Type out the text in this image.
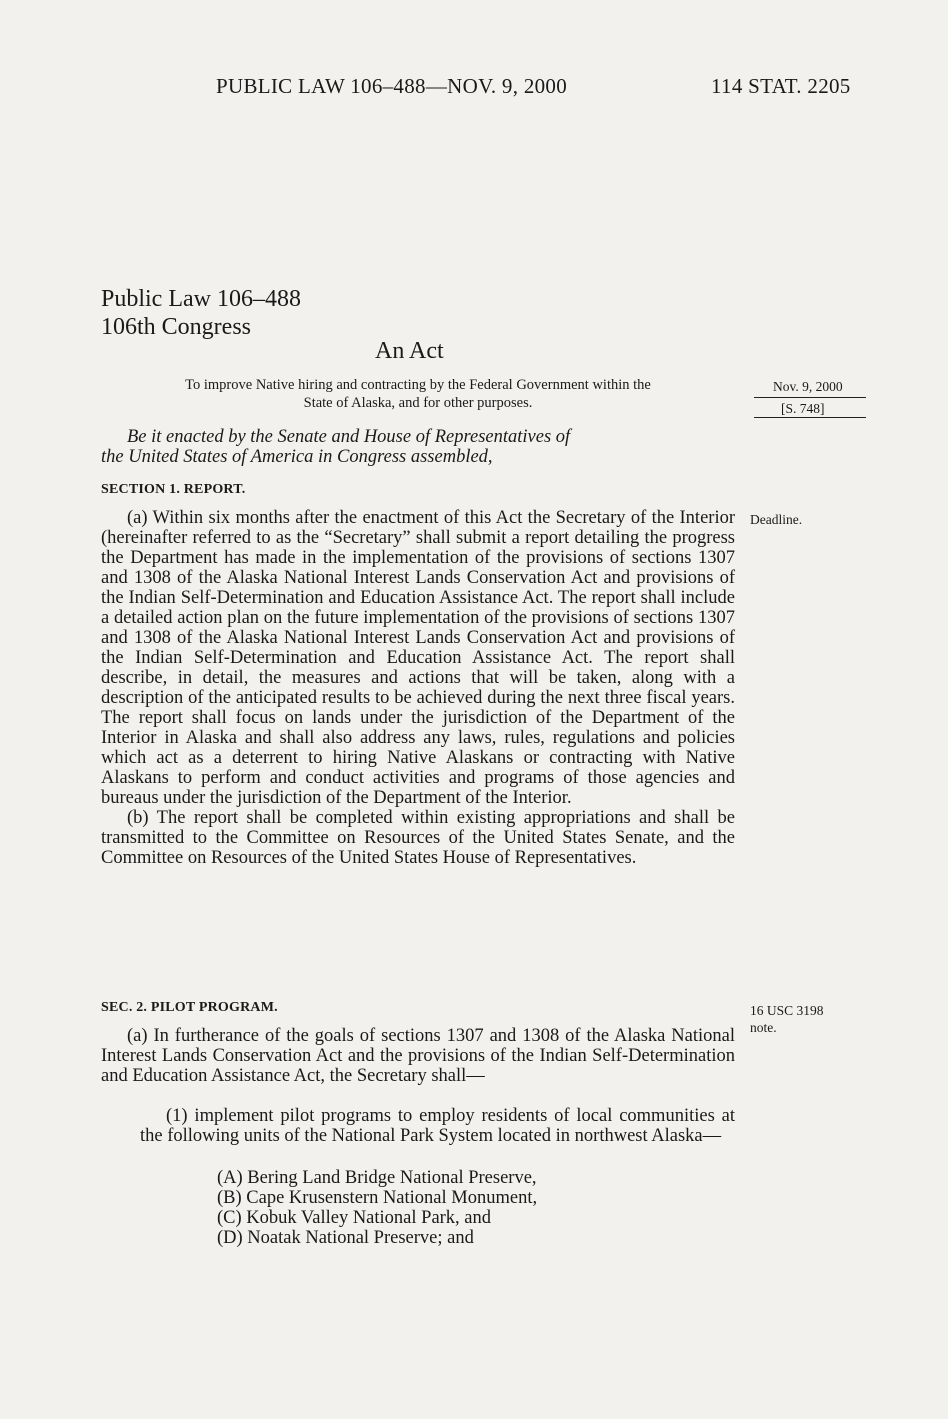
PUBLIC LAW 106–488—NOV. 9, 2000	114 STAT. 2205
Public Law 106–488
106th Congress
An Act
To improve Native hiring and contracting by the Federal Government within the
State of Alaska, and for other purposes.
Nov. 9, 2000
[S. 748]
Be it enacted by the Senate and House of Representatives of
the United States of America in Congress assembled,
SECTION 1. REPORT.
Deadline.

(a) Within six months after the enactment of this Act the Secretary of the Interior (hereinafter referred to as the “Secretary” shall submit a report detailing the progress the Department has made in the implementation of the provisions of sections 1307 and 1308 of the Alaska National Interest Lands Conservation Act and provisions of the Indian Self-Determination and Education Assistance Act. The report shall include a detailed action plan on the future implementation of the provisions of sections 1307 and 1308 of the Alaska National Interest Lands Conservation Act and provisions of the Indian Self-Determination and Education Assistance Act. The report shall describe, in detail, the measures and actions that will be taken, along with a description of the anticipated results to be achieved during the next three fiscal years. The report shall focus on lands under the jurisdiction of the Department of the Interior in Alaska and shall also address any laws, rules, regulations and policies which act as a deterrent to hiring Native Alaskans or contracting with Native Alaskans to perform and conduct activities and programs of those agencies and bureaus under the jurisdiction of the Department of the Interior.

(b) The report shall be completed within existing appropriations and shall be transmitted to the Committee on Resources of the United States Senate, and the Committee on Resources of the United States House of Representatives.

SEC. 2. PILOT PROGRAM.	16 USC 3198
note.

(a) In furtherance of the goals of sections 1307 and 1308 of the Alaska National Interest Lands Conservation Act and the provisions of the Indian Self-Determination and Education Assistance Act, the Secretary shall—

(1) implement pilot programs to employ residents of local communities at the following units of the National Park System located in northwest Alaska—

(A) Bering Land Bridge National Preserve,
(B) Cape Krusenstern National Monument,
(C) Kobuk Valley National Park, and
(D) Noatak National Preserve; and
